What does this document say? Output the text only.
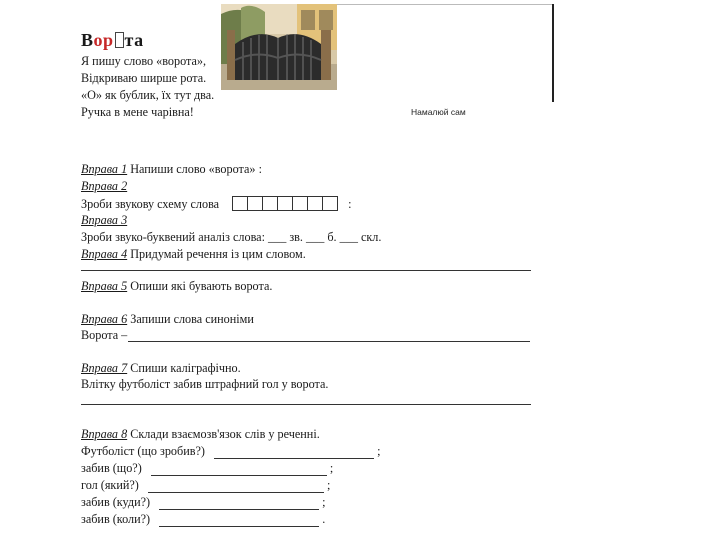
Вор та
Намалюй сам
Я пишу слово «ворота»,
Відкриваю ширше рота.
«О» як бублик, їх тут два.
Ручка в мене чарівна!
Вправа 1 Напиши слово «ворота» :
Вправа 2
Зроби звукову схему слова	:
Вправа 3
Зроби звуко-буквений аналіз слова: ___ зв. ___ б. ___ скл.
Вправа 4 Придумай речення із цим словом.
Вправа 5 Опиши які бувають ворота.
Вправа 6 Запиши слова синоніми
Ворота –
Вправа 7 Спиши каліграфічно.
Влітку футболіст забив штрафний гол у ворота.
Вправа 8 Склади взаємозв'язок слів у реченні.
Футболіст (що зробив?)	;
забив (що?)	;
гол (який?)	;
забив (куди?)	;
забив (коли?)	.
